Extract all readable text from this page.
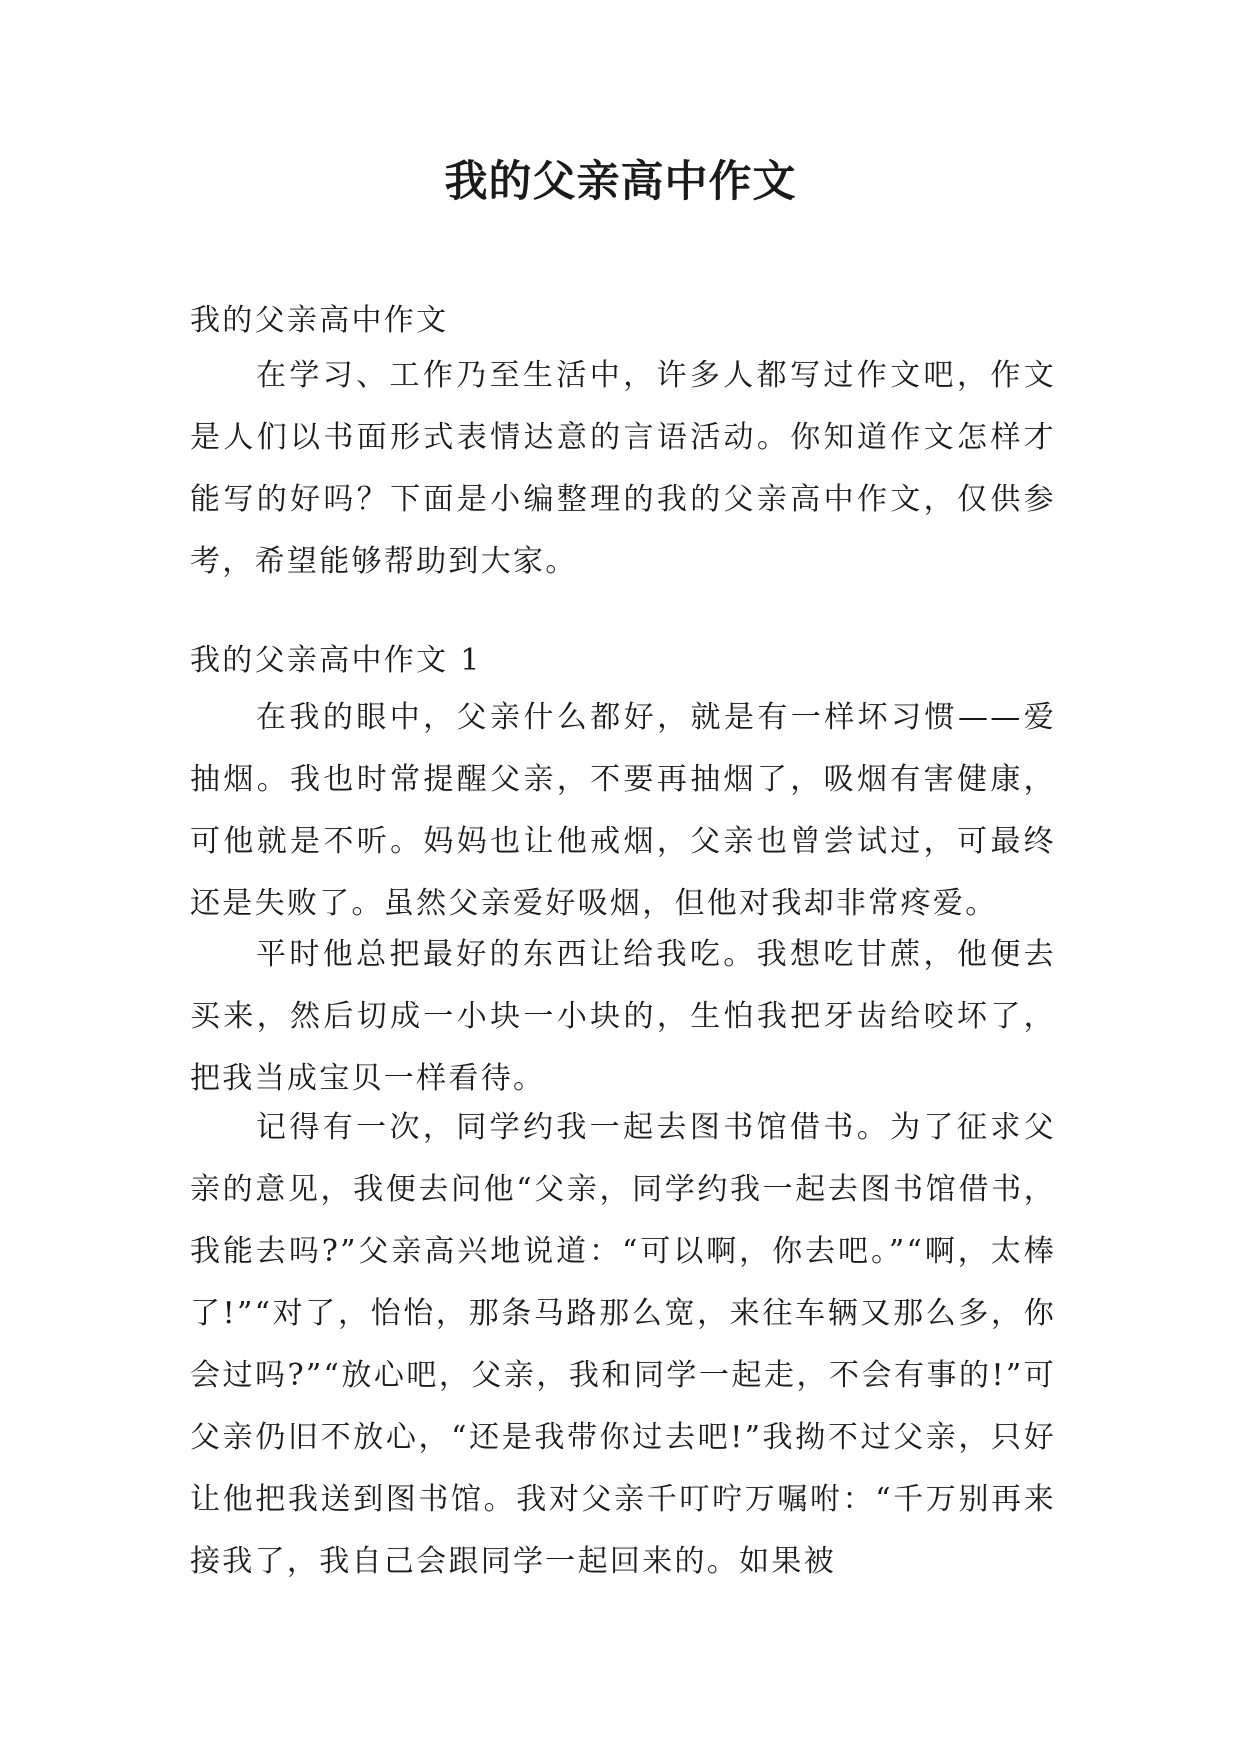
我的父亲高中作文

我的父亲高中作文

在学习、工作乃至生活中，许多人都写过作文吧，作文是人们以书面形式表情达意的言语活动。你知道作文怎样才能写的好吗？下面是小编整理的我的父亲高中作文，仅供参考，希望能够帮助到大家。

我的父亲高中作文 1

在我的眼中，父亲什么都好，就是有一样坏习惯——爱抽烟。我也时常提醒父亲，不要再抽烟了，吸烟有害健康，可他就是不听。妈妈也让他戒烟，父亲也曾尝试过，可最终还是失败了。虽然父亲爱好吸烟，但他对我却非常疼爱。

平时他总把最好的东西让给我吃。我想吃甘蔗，他便去买来，然后切成一小块一小块的，生怕我把牙齿给咬坏了，把我当成宝贝一样看待。

记得有一次，同学约我一起去图书馆借书。为了征求父亲的意见，我便去问他“父亲，同学约我一起去图书馆借书，我能去吗?”父亲高兴地说道：“可以啊，你去吧。”“啊，太棒了!”“对了，怡怡，那条马路那么宽，来往车辆又那么多，你会过吗?”“放心吧，父亲，我和同学一起走，不会有事的!”可父亲仍旧不放心，“还是我带你过去吧!”我拗不过父亲，只好让他把我送到图书馆。我对父亲千叮咛万嘱咐：“千万别再来接我了，我自己会跟同学一起回来的。如果被
